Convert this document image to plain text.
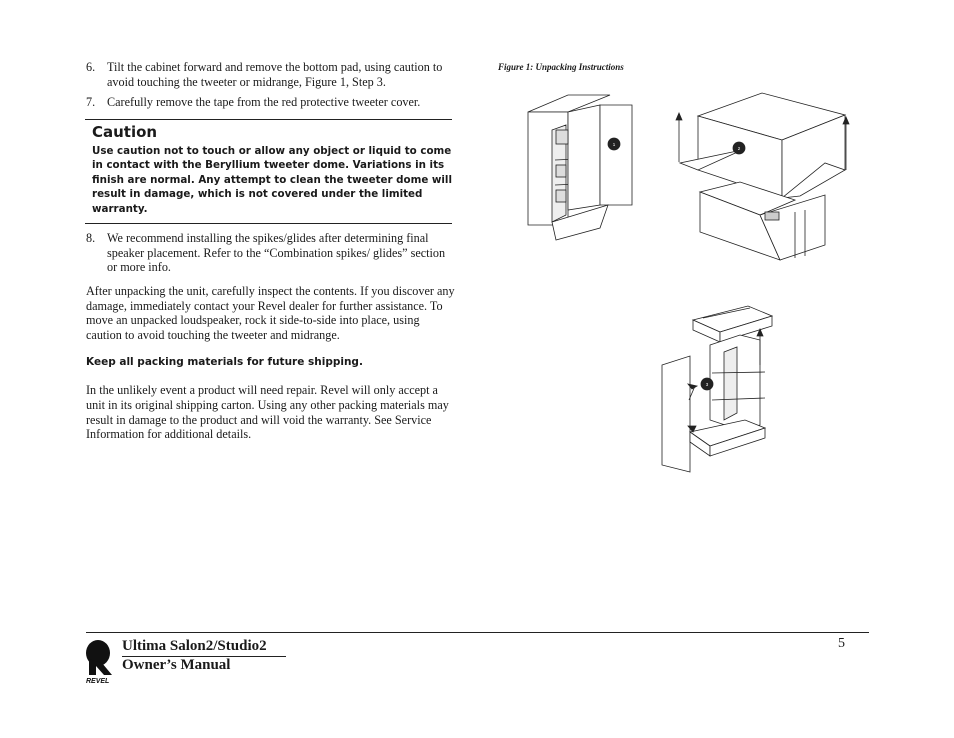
6. Tilt the cabinet forward and remove the bottom pad, using caution to avoid touching the tweeter or midrange, Figure 1, Step 3.
7. Carefully remove the tape from the red protective tweeter cover.
Caution
Use caution not to touch or allow any object or liquid to come in contact with the Beryllium tweeter dome. Variations in its finish are normal. Any attempt to clean the tweeter dome will result in damage, which is not covered under the limited warranty.
8. We recommend installing the spikes/glides after determining final speaker placement. Refer to the “Combination spikes/ glides” section or more info.
After unpacking the unit, carefully inspect the contents. If you discover any damage, immediately contact your Revel dealer for further assistance. To move an unpacked loudspeaker, rock it side-to-side into place, using caution to avoid touching the tweeter and midrange.
Keep all packing materials for future shipping.
In the unlikely event a product will need repair. Revel will only accept a unit in its original shipping carton. Using any other packing materials may result in damage to the product and will void the warranty. See Service Information for additional details.
Figure 1: Unpacking Instructions
1
2
3
REVEL
Ultima Salon2/Studio2
Owner’s Manual
5
